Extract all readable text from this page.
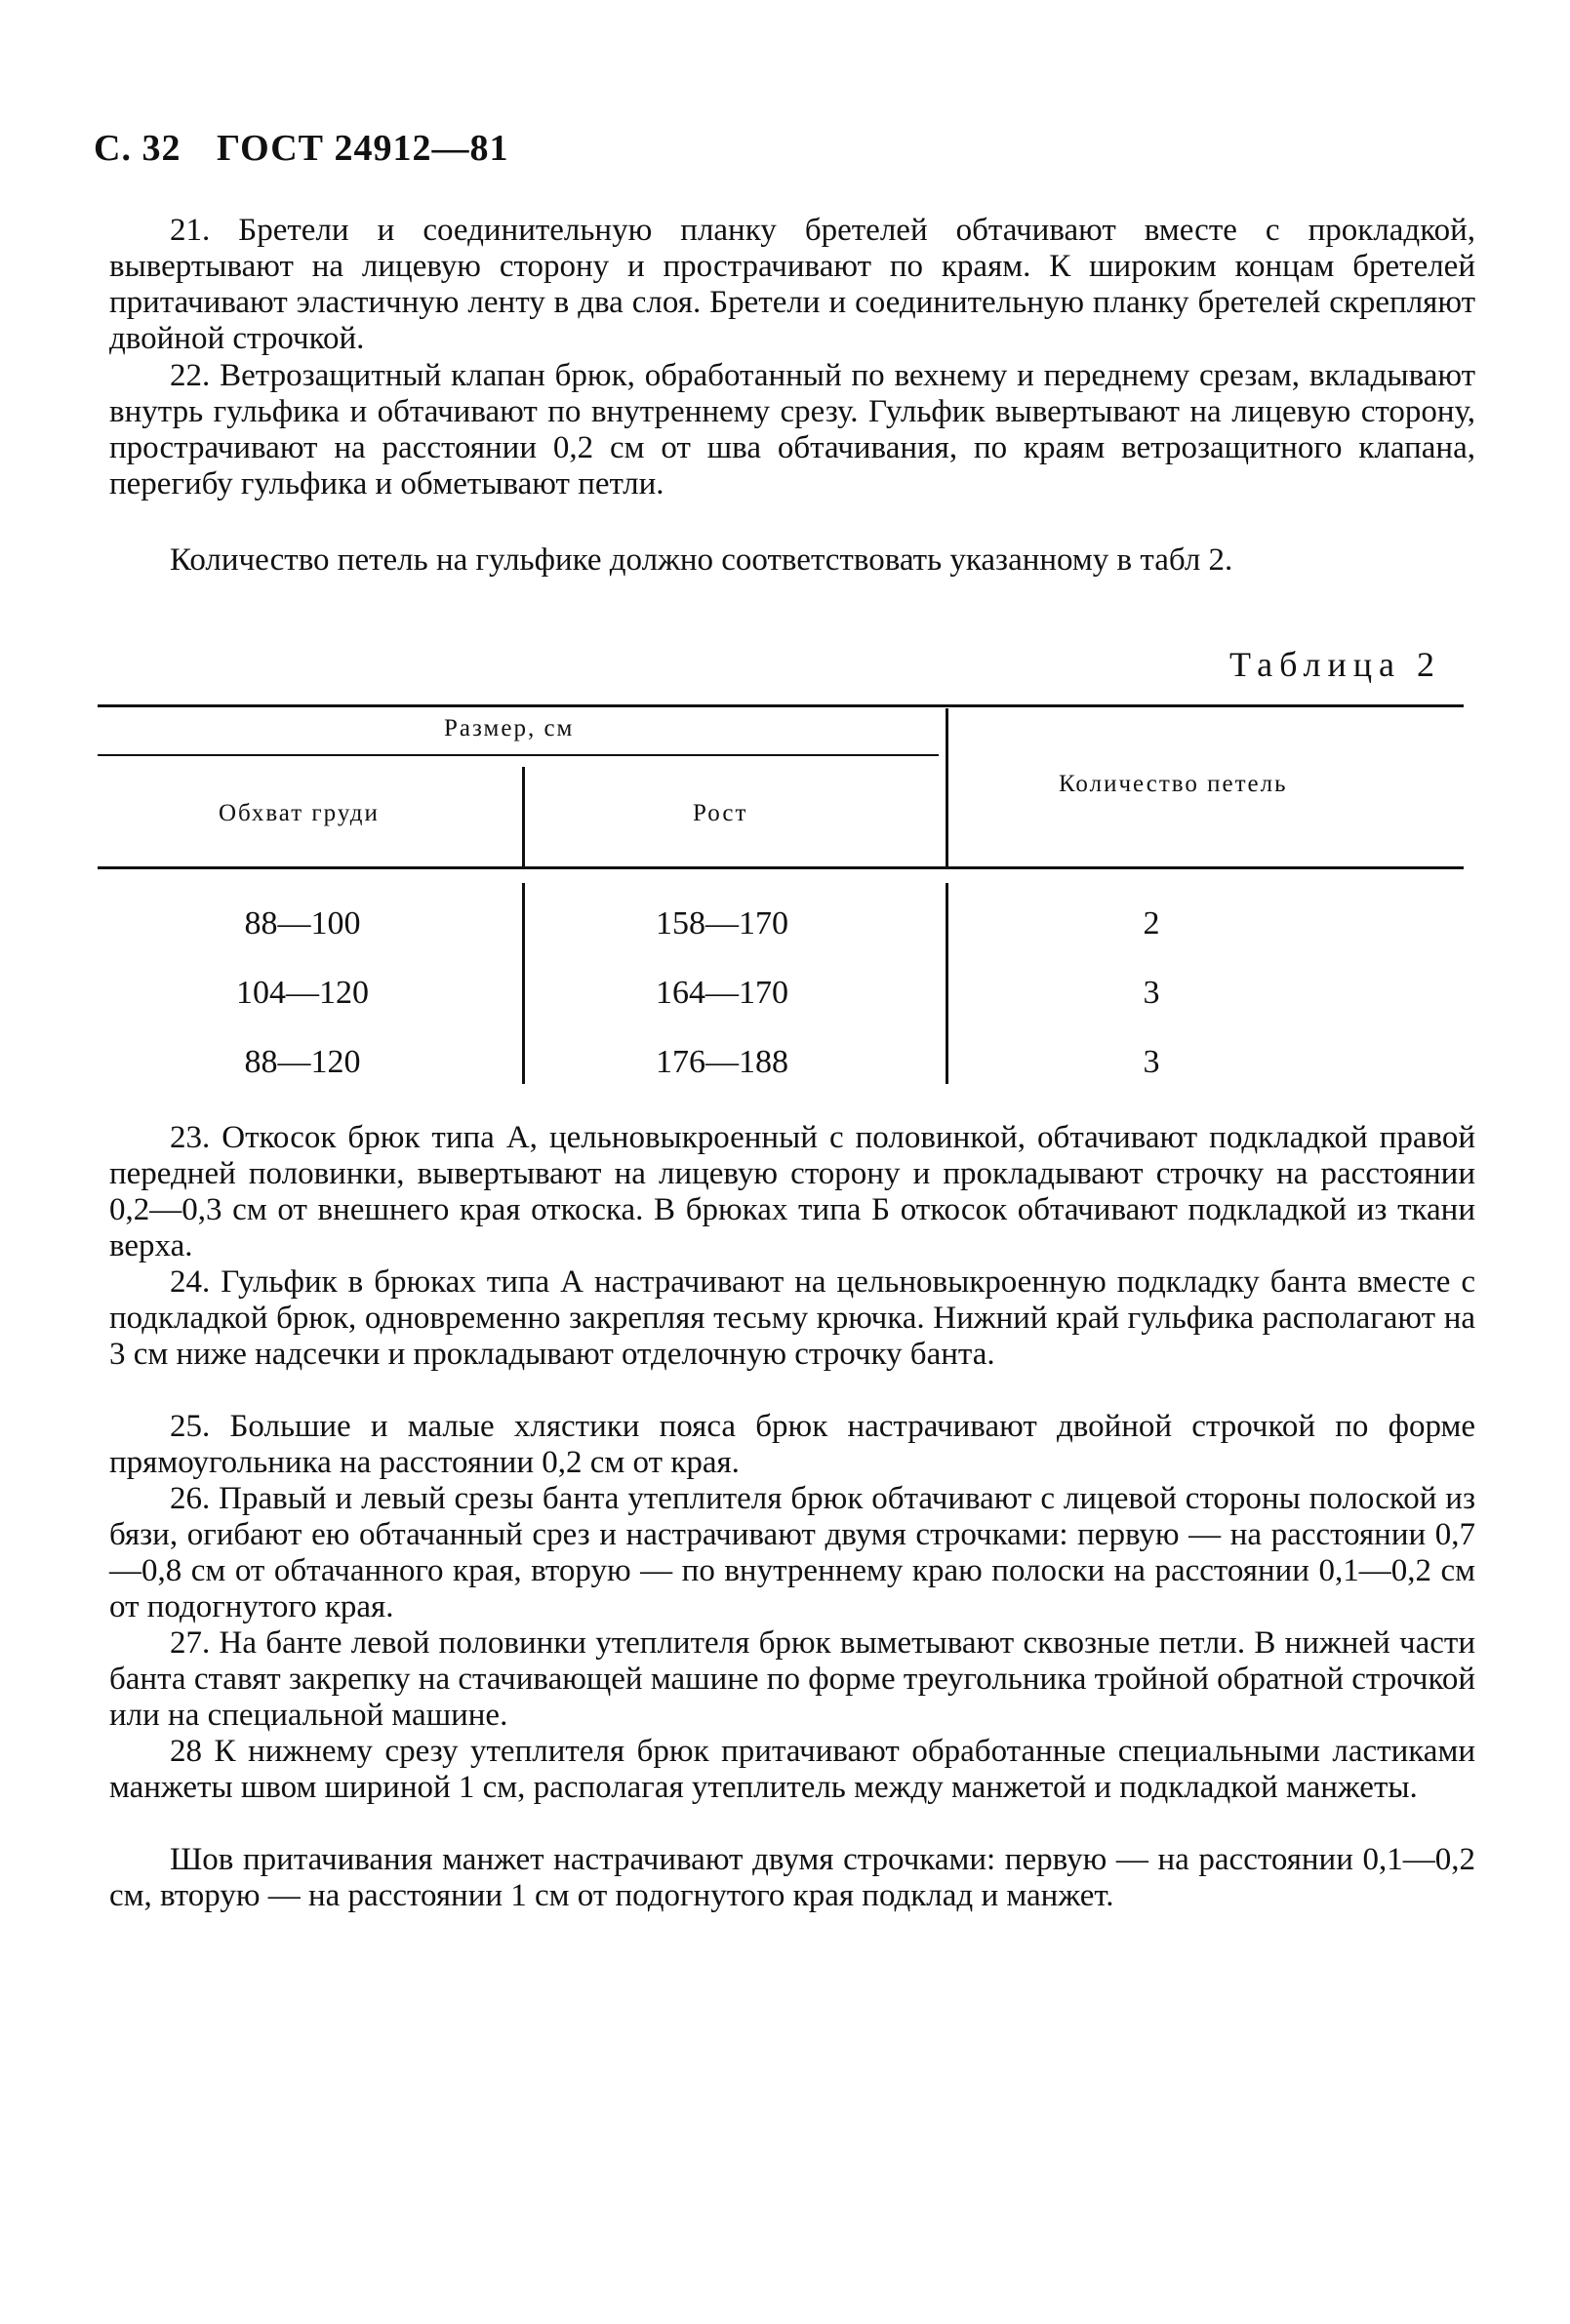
С. 32 ГОСТ 24912—81
21. Бретели и соединительную планку бретелей обтачивают вместе с прокладкой, вывертывают на лицевую сторону и прострачивают по краям. К широким концам бретелей притачивают эластичную ленту в два слоя. Бретели и соединительную планку бретелей скрепляют двойной строчкой.
22. Ветрозащитный клапан брюк, обработанный по вехнему и переднему срезам, вкладывают внутрь гульфика и обтачивают по внутреннему срезу. Гульфик вывертывают на лицевую сторону, прострачивают на расстоянии 0,2 см от шва обтачивания, по краям ветрозащитного клапана, перегибу гульфика и обметывают петли.
Количество петель на гульфике должно соответствовать указанному в табл 2.
Таблица 2
Размер, см
Обхват груди	Рост
Количество петель
88—100	158—170	2
104—120	164—170	3
88—120	176—188	3
23. Откосок брюк типа А, цельновыкроенный с половинкой, обтачивают подкладкой правой передней половинки, вывертывают на лицевую сторону и прокладывают строчку на расстоянии 0,2—0,3 см от внешнего края откоска. В брюках типа Б откосок обтачивают подкладкой из ткани верха.
24. Гульфик в брюках типа А настрачивают на цельновыкроенную подкладку банта вместе с подкладкой брюк, одновременно закрепляя тесьму крючка. Нижний край гульфика располагают на 3 см ниже надсечки и прокладывают отделочную строчку банта.
25. Большие и малые хлястики пояса брюк настрачивают двойной строчкой по форме прямоугольника на расстоянии 0,2 см от края.
26. Правый и левый срезы банта утеплителя брюк обтачивают с лицевой стороны полоской из бязи, огибают ею обтачанный срез и настрачивают двумя строчками: первую — на расстоянии 0,7—0,8 см от обтачанного края, вторую — по внутреннему краю полоски на расстоянии 0,1—0,2 см от подогнутого края.
27. На банте левой половинки утеплителя брюк выметывают сквозные петли. В нижней части банта ставят закрепку на стачивающей машине по форме треугольника тройной обратной строчкой или на специальной машине.
28 К нижнему срезу утеплителя брюк притачивают обработанные специальными ластиками манжеты швом шириной 1 см, располагая утеплитель между манжетой и подкладкой манжеты.
Шов притачивания манжет настрачивают двумя строчками: первую — на расстоянии 0,1—0,2 см, вторую — на расстоянии 1 см от подогнутого края подклад и манжет.
